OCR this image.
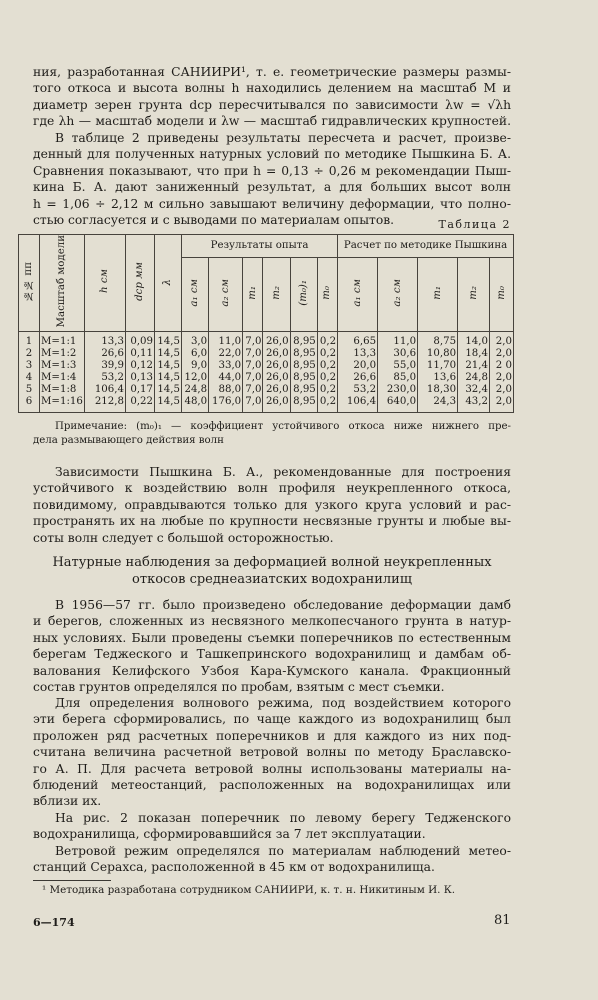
ния, разработанная САНИИРИ¹, т. е. геометрические размеры размы-

того откоса и высота волны h находились делением на масштаб M и

диаметр зерен грунта dср пересчитывался по зависимости λw = √λh

где λh — масштаб модели и λw — масштаб гидравлических крупностей.

В таблице 2 приведены результаты пересчета и расчет, произве-

денный для полученных натурных условий по методике Пышкина Б. А.

Сравнения показывают, что при h = 0,13 ÷ 0,26 м рекомендации Пыш-

кина Б. А. дают заниженный результат, а для больших высот волн

h = 1,06 ÷ 2,12 м сильно завышают величину деформации, что полно-

стью согласуется и с выводами по материалам опытов.	Таблица 2
№№ пп	Масштаб модели	h см	dср мм	λ	Результаты опыта						Расчет по методике Пышкина				
					a₁ см	a₂ см	m₁	m₂	(m₀)₁	m₀	a₁ см	a₂ см	m₁	m₂	m₀
1	М=1:1	13,3	0,09	14,5	3,0	11,0	7,0	26,0	8,95	0,2	6,65	11,0	8,75	14,0	2,0
2	М=1:2	26,6	0,11	14,5	6,0	22,0	7,0	26,0	8,95	0,2	13,3	30,6	10,80	18,4	2,0
3	М=1:3	39,9	0,12	14,5	9,0	33,0	7,0	26,0	8,95	0,2	20,0	55,0	11,70	21,4	2 0
4	М=1:4	53,2	0,13	14,5	12,0	44,0	7,0	26,0	8,95	0,2	26,6	85,0	13,6	24,8	2,0
5	М=1:8	106,4	0,17	14,5	24,8	88,0	7,0	26,0	8,95	0,2	53,2	230,0	18,30	32,4	2,0
6	М=1:16	212,8	0,22	14,5	48,0	176,0	7,0	26,0	8,95	0,2	106,4	640,0	24,3	43,2	2,0

Примечание: (m₀)₁ — коэффициент устойчивого откоса ниже нижнего пре-

дела размывающего действия волн

Зависимости Пышкина Б. А., рекомендованные для построения

устойчивого к воздействию волн профиля неукрепленного откоса,

повидимому, оправдываются только для узкого круга условий и рас-

пространять их на любые по крупности несвязные грунты и любые вы-

соты волн следует с большой осторожностью.

Натурные наблюдения за деформацией волной неукрепленных

откосов среднеазиатских водохранилищ

В 1956—57 гг. было произведено обследование деформации дамб

и берегов, сложенных из несвязного мелкопесчаного грунта в натур-

ных условиях. Были проведены съемки поперечников по естественным

берегам Теджеского и Ташкепринского водохранилищ и дамбам об-

валования Келифского Узбоя Кара-Кумского канала. Фракционный

состав грунтов определялся по пробам, взятым с мест съемки.

Для определения волнового режима, под воздействием которого

эти берега сформировались, по чаще каждого из водохранилищ был

проложен ряд расчетных поперечников и для каждого из них под-

считана величина расчетной ветровой волны по методу Браславско-

го А. П. Для расчета ветровой волны использованы материалы на-

блюдений метеостанций, расположенных на водохранилищах или

вблизи их.

На рис. 2 показан поперечник по левому берегу Тедженского

водохранилища, сформировавшийся за 7 лет эксплуатации.

Ветровой режим определялся по материалам наблюдений метео-

станций Серахса, расположенной в 45 км от водохранилища.

¹ Методика разработана сотрудником САНИИРИ, к. т. н. Никитиным И. К.
6—174	81
